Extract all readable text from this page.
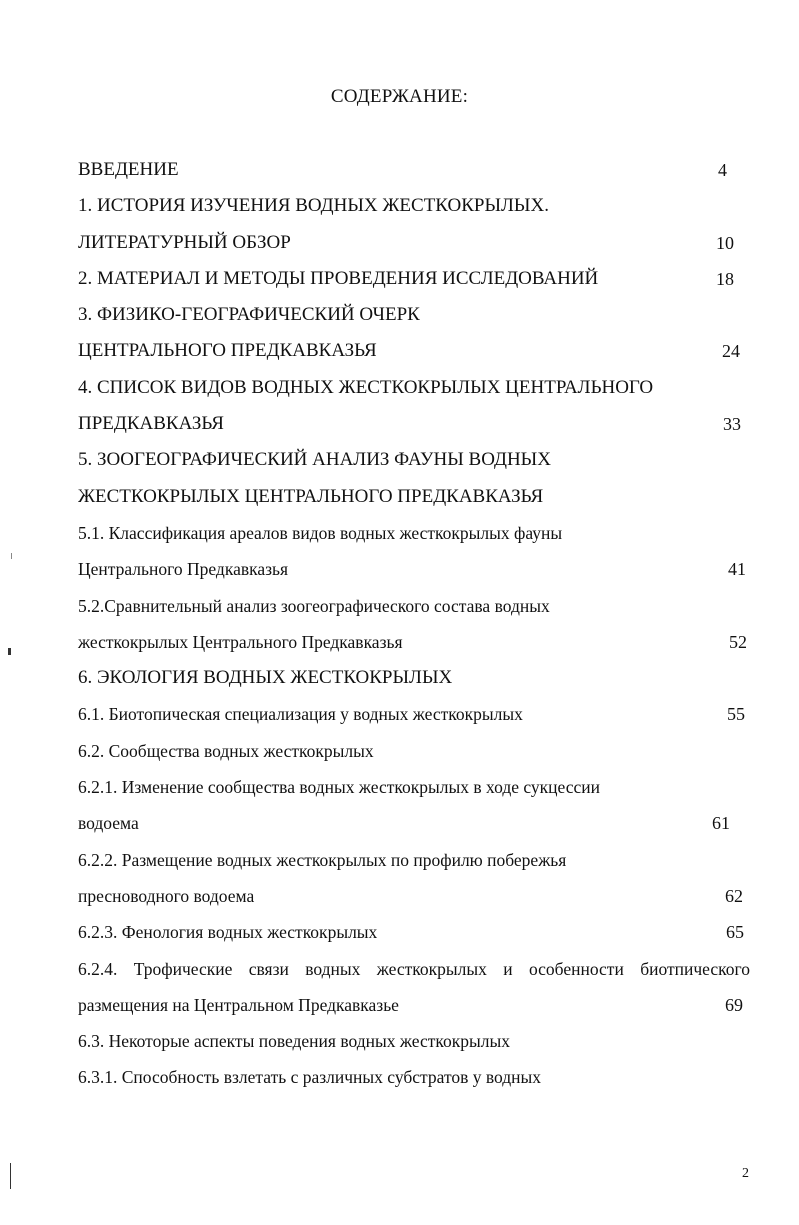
СОДЕРЖАНИЕ:
ВВЕДЕНИЕ	4
1. ИСТОРИЯ ИЗУЧЕНИЯ ВОДНЫХ ЖЕСТКОКРЫЛЫХ.
ЛИТЕРАТУРНЫЙ ОБЗОР	10
2. МАТЕРИАЛ И МЕТОДЫ ПРОВЕДЕНИЯ ИССЛЕДОВАНИЙ	18
3. ФИЗИКО-ГЕОГРАФИЧЕСКИЙ ОЧЕРК
ЦЕНТРАЛЬНОГО ПРЕДКАВКАЗЬЯ	24
4. СПИСОК ВИДОВ ВОДНЫХ ЖЕСТКОКРЫЛЫХ ЦЕНТРАЛЬНОГО
ПРЕДКАВКАЗЬЯ	33
5. ЗООГЕОГРАФИЧЕСКИЙ АНАЛИЗ ФАУНЫ ВОДНЫХ
ЖЕСТКОКРЫЛЫХ ЦЕНТРАЛЬНОГО ПРЕДКАВКАЗЬЯ
5.1. Классификация ареалов видов водных жесткокрылых фауны
Центрального Предкавказья	41
5.2.Сравнительный анализ зоогеографического состава водных
жесткокрылых Центрального Предкавказья	52
6. ЭКОЛОГИЯ ВОДНЫХ ЖЕСТКОКРЫЛЫХ
6.1. Биотопическая специализация у водных жесткокрылых	55
6.2. Сообщества водных жесткокрылых
6.2.1. Изменение сообщества водных жесткокрылых в ходе сукцессии
водоема	61
6.2.2. Размещение водных жесткокрылых по профилю побережья
пресноводного водоема	62
6.2.3. Фенология водных жесткокрылых	65
6.2.4. Трофические связи водных жесткокрылых и особенности биотпического
размещения на Центральном Предкавказье	69
6.3. Некоторые аспекты поведения водных жесткокрылых
6.3.1. Способность взлетать с различных субстратов у водных
2
